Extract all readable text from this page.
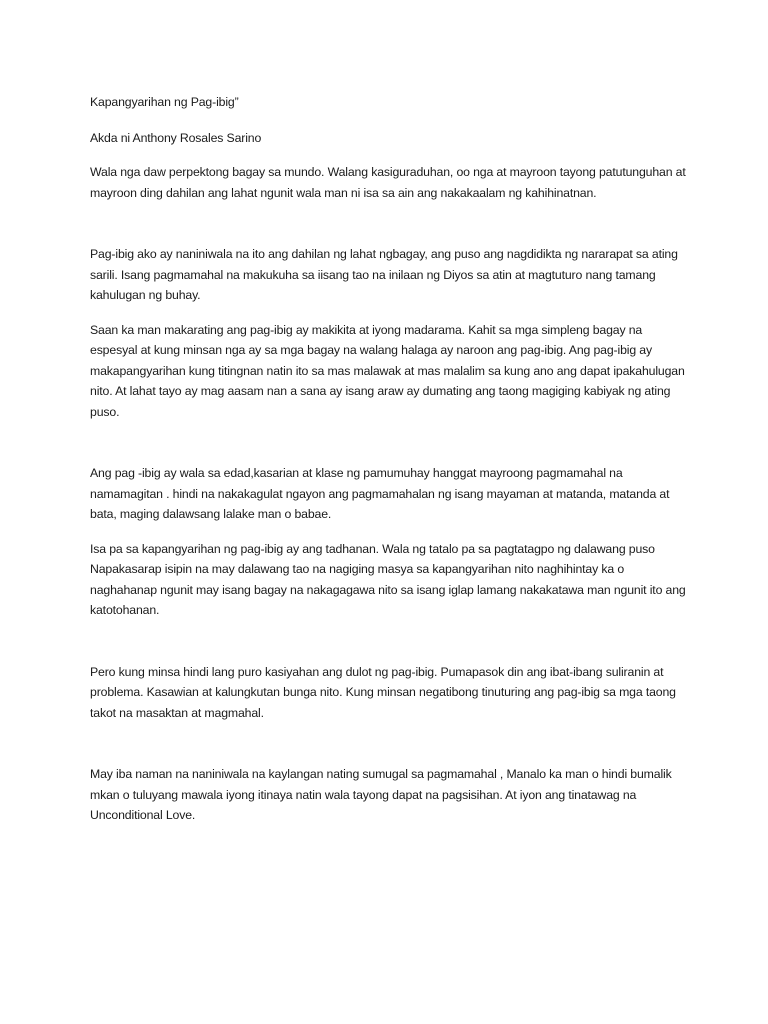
Kapangyarihan ng Pag-ibig”

Akda ni Anthony Rosales Sarino

Wala nga daw perpektong bagay sa mundo. Walang kasiguraduhan, oo nga at mayroon tayong patutunguhan at mayroon ding dahilan ang lahat ngunit wala man ni isa sa ain ang nakakaalam ng kahihinatnan.

Pag-ibig ako ay naniniwala na ito ang dahilan ng lahat ngbagay, ang puso ang nagdidikta ng nararapat sa ating sarili. Isang pagmamahal na makukuha sa iisang tao na inilaan ng Diyos sa atin at magtuturo nang tamang kahulugan ng buhay.

Saan ka man makarating ang pag-ibig ay makikita at iyong madarama. Kahit sa mga simpleng bagay na espesyal at kung minsan nga ay sa mga bagay na walang halaga ay naroon ang pag-ibig. Ang pag-ibig ay makapangyarihan kung titingnan natin ito sa mas malawak at mas malalim sa kung ano ang dapat ipakahulugan nito. At lahat tayo ay mag aasam nan a sana ay isang araw ay dumating ang taong magiging kabiyak ng ating puso.

Ang pag -ibig ay wala sa edad,kasarian at klase ng pamumuhay hanggat mayroong pagmamahal na namamagitan . hindi na nakakagulat ngayon ang pagmamahalan ng isang mayaman at matanda, matanda at bata, maging dalawsang lalake man o babae.

Isa pa sa kapangyarihan ng pag-ibig ay ang tadhanan. Wala ng tatalo pa sa pagtatagpo ng dalawang puso Napakasarap isipin na may dalawang tao na nagiging masya sa kapangyarihan nito naghihintay ka o naghahanap ngunit may isang bagay na nakagagawa nito sa isang iglap lamang nakakatawa man ngunit ito ang katotohanan.

Pero kung minsa hindi lang puro kasiyahan ang dulot ng pag-ibig. Pumapasok din ang ibat-ibang suliranin at problema. Kasawian at kalungkutan bunga nito. Kung minsan negatibong tinuturing ang pag-ibig sa mga taong takot na masaktan at magmahal.

May iba naman na naniniwala na kaylangan nating sumugal sa pagmamahal , Manalo ka man o hindi bumalik mkan o tuluyang mawala iyong itinaya natin wala tayong dapat na pagsisihan. At iyon ang tinatawag na Unconditional Love.
